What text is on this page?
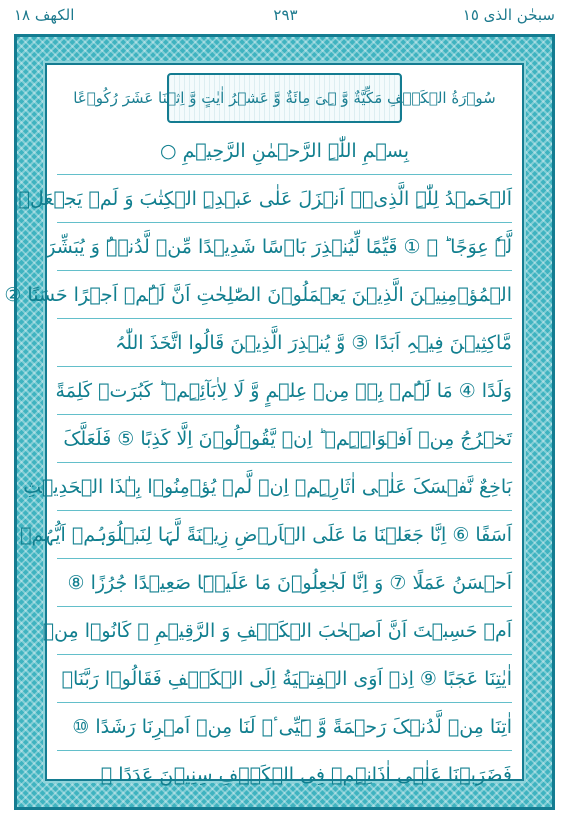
سبحٰن الذی ١٥
٢٩٣
الکھف ١٨
سُوۡرَةُ الۡکَہۡفِ مَکِّیَّةٌ وَّ ہِیَ مِائَةٌ وَّ عَشۡرُ اٰیٰتٍ وَّ اِثۡنَا عَشَرَ رُکُوۡعًا
بِسۡمِ اللّٰہِ الرَّحۡمٰنِ الرَّحِیۡمِ ○
اَلۡحَمۡدُ لِلّٰہِ الَّذِیۡۤ اَنۡزَلَ عَلٰی عَبۡدِہِ الۡکِتٰبَ وَ لَمۡ یَجۡعَلۡ
لَّہٗ عِوَجًا ؕ ۜ ① قَیِّمًا لِّیُنۡذِرَ بَاۡسًا شَدِیۡدًا مِّنۡ لَّدُنۡہُ وَ یُبَشِّرَ
الۡمُؤۡمِنِیۡنَ الَّذِیۡنَ یَعۡمَلُوۡنَ الصّٰلِحٰتِ اَنَّ لَہُمۡ اَجۡرًا حَسَنًا ②
مَّاکِثِیۡنَ فِیۡہِ اَبَدًا ③ وَّ یُنۡذِرَ الَّذِیۡنَ قَالُوا اتَّخَذَ اللّٰہُ
وَلَدًا ④ مَا لَہُمۡ بِہٖ مِنۡ عِلۡمٍ وَّ لَا لِاٰبَآئِہِمۡ ؕ کَبُرَتۡ کَلِمَةً
تَخۡرُجُ مِنۡ اَفۡوَاہِہِمۡ ؕ اِنۡ یَّقُوۡلُوۡنَ اِلَّا کَذِبًا ⑤ فَلَعَلَّکَ
بَاخِعٌ نَّفۡسَکَ عَلٰۤی اٰثَارِہِمۡ اِنۡ لَّمۡ یُؤۡمِنُوۡا بِہٰذَا الۡحَدِیۡثِ
اَسَفًا ⑥ اِنَّا جَعَلۡنَا مَا عَلَی الۡاَرۡضِ زِیۡنَةً لَّہَا لِنَبۡلُوَہُمۡ اَیُّہُمۡ
اَحۡسَنُ عَمَلًا ⑦ وَ اِنَّا لَجٰعِلُوۡنَ مَا عَلَیۡہَا صَعِیۡدًا جُرُزًا ⑧
اَمۡ حَسِبۡتَ اَنَّ اَصۡحٰبَ الۡکَہۡفِ وَ الرَّقِیۡمِ ۙ کَانُوۡا مِنۡ
اٰیٰتِنَا عَجَبًا ⑨ اِذۡ اَوَی الۡفِتۡیَةُ اِلَی الۡکَہۡفِ فَقَالُوۡا رَبَّنَاۤ
اٰتِنَا مِنۡ لَّدُنۡکَ رَحۡمَةً وَّ ہَیِّیٴۡ لَنَا مِنۡ اَمۡرِنَا رَشَدًا ⑩
فَضَرَبۡنَا عَلٰۤی اٰذَانِہِمۡ فِی الۡکَہۡفِ سِنِیۡنَ عَدَدًا ⑪
